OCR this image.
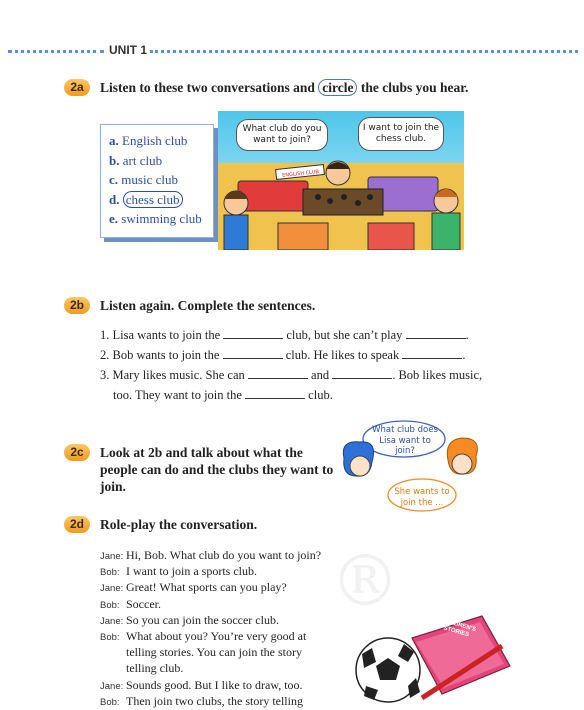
UNIT 1
2a	Listen to these two conversations and circle the clubs you hear.
a. English club
b. art club
c. music club
d. chess club
e. swimming club
ENGLISH CLUB
What club do you want to join?
I want to join the chess club.
2b	Listen again. Complete the sentences.
1. Lisa wants to join the	club, but she can’t play	.
2. Bob wants to join the	club. He likes to speak	.
3. Mary likes music. She can	and	. Bob likes music,
too. They want to join the	club.
2c	Look at 2b and talk about what the people can do and the clubs they want to join.
What club does Lisa want to join?
She wants to join the ...
2d	Role-play the conversation.
®
Jane: Hi, Bob. What club do you want to join?
Bob: I want to join a sports club.
Jane: Great! What sports can you play?
Bob: Soccer.
Jane: So you can join the soccer club.
Bob: What about you? You’re very good at
telling stories. You can join the story
telling club.
Jane: Sounds good. But I like to draw, too.
Bob: Then join two clubs, the story telling
CHILDREN’S STORIES
